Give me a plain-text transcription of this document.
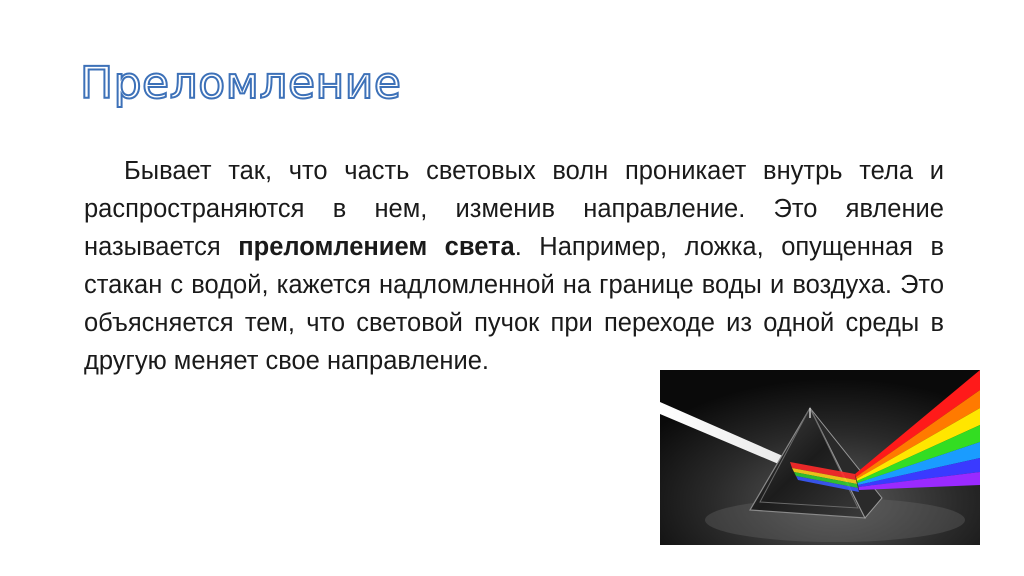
Преломление
Бывает так, что часть световых волн проникает внутрь тела и распространяются в нем, изменив направление. Это явление называется преломлением света. Например, ложка, опущенная в стакан с водой, кажется надломленной на границе воды и воздуха. Это объясняется тем, что световой пучок при переходе из одной среды в другую меняет свое направление.
